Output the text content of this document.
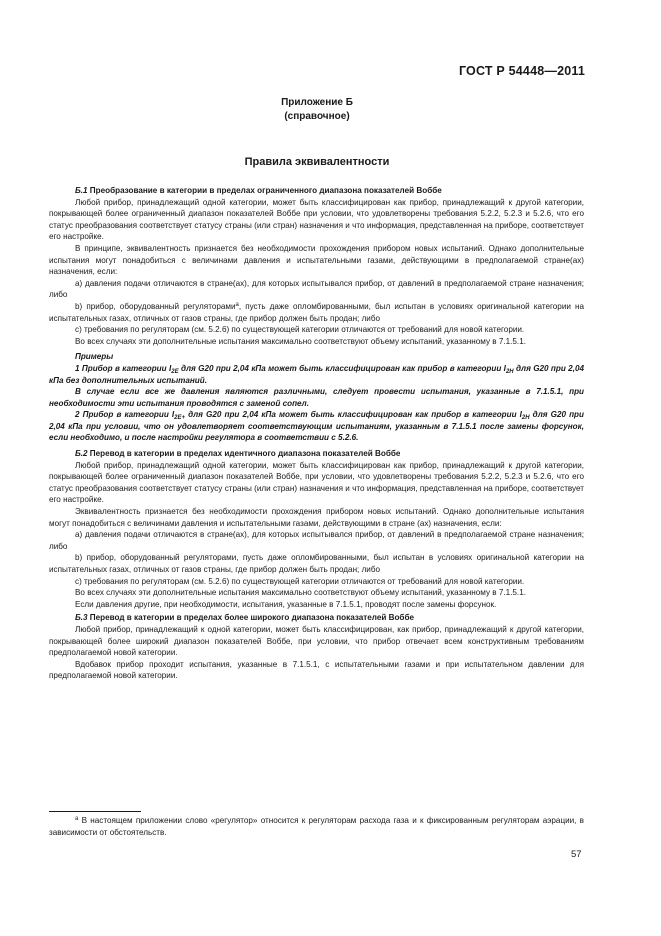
ГОСТ Р 54448—2011
Приложение Б
(справочное)
Правила эквивалентности

Б.1 Преобразование в категории в пределах ограниченного диапазона показателей Воббе

Любой прибор, принадлежащий одной категории, может быть классифицирован как прибор, принадлежащий к другой категории, покрывающей более ограниченный диапазон показателей Воббе при условии, что удовлетворены требования 5.2.2, 5.2.3 и 5.2.6, что его статус преобразования соответствует статусу страны (или стран) назначения и что информация, представленная на приборе, соответствует его настройке.

В принципе, эквивалентность признается без необходимости прохождения прибором новых испытаний. Однако дополнительные испытания могут понадобиться с величинами давления и испытательными газами, действующими в предполагаемой стране(ах) назначения, если:

а) давления подачи отличаются в стране(ах), для которых испытывался прибор, от давлений в предполагаемой стране назначения; либо

b) прибор, оборудованный регуляторами$^a$, пусть даже опломбированными, был испытан в условиях оригинальной категории на испытательных газах, отличных от газов страны, где прибор должен быть продан; либо

с) требования по регуляторам (см. 5.2.6) по существующей категории отличаются от требований для новой категории.

Во всех случаях эти дополнительные испытания максимально соответствуют объему испытаний, указанному в 7.1.5.1.

Примеры

1 Прибор в категории $I_{2E}$ для G20 при 2,04 кПа может быть классифицирован как прибор в категории $I_{2H}$ для G20 при 2,04 кПа без дополнительных испытаний.

В случае если все же давления являются различными, следует провести испытания, указанные в 7.1.5.1, при необходимости эти испытания проводятся с заменой сопел.

2 Прибор в категории $I_{2E+}$ для G20 при 2,04 кПа может быть классифицирован как прибор в категории $I_{2H}$ для G20 при 2,04 кПа при условии, что он удовлетворяет соответствующим испытаниям, указанным в 7.1.5.1 после замены форсунок, если необходимо, и после настройки регулятора в соответствии с 5.2.6.

Б.2 Перевод в категории в пределах идентичного диапазона показателей Воббе

Любой прибор, принадлежащий одной категории, может быть классифицирован как прибор, принадлежащий к другой категории, покрывающей более ограниченный диапазон показателей Воббе, при условии, что удовлетворены требования 5.2.2, 5.2.3 и 5.2.6, что его статус преобразования соответствует статусу страны (или стран) назначения и что информация, представленная на приборе, соответствует его настройке.

Эквивалентность признается без необходимости прохождения прибором новых испытаний. Однако дополнительные испытания могут понадобиться с величинами давления и испытательными газами, действующими в стране (ах) назначения, если:

а) давления подачи отличаются в стране(ах), для которых испытывался прибор, от давлений в предполагаемой стране назначения; либо

b) прибор, оборудованный регуляторами, пусть даже опломбированными, был испытан в условиях оригинальной категории на испытательных газах, отличных от газов страны, где прибор должен быть продан; либо

с) требования по регуляторам (см. 5.2.6) по существующей категории отличаются от требований для новой категории.

Во всех случаях эти дополнительные испытания максимально соответствуют объему испытаний, указанному в 7.1.5.1.

Если давления другие, при необходимости, испытания, указанные в 7.1.5.1, проводят после замены форсунок.

Б.3 Перевод в категории в пределах более широкого диапазона показателей Воббе

Любой прибор, принадлежащий к одной категории, может быть классифицирован, как прибор, принадлежащий к другой категории, покрывающей более широкий диапазон показателей Воббе, при условии, что прибор отвечает всем конструктивным требованиям предполагаемой новой категории.

Вдобавок прибор проходит испытания, указанные в 7.1.5.1, с испытательными газами и при испытательном давлении для предполагаемой новой категории.

$^а$ В настоящем приложении слово «регулятор» относится к регуляторам расхода газа и к фиксированным регуляторам аэрации, в зависимости от обстоятельств.
57
